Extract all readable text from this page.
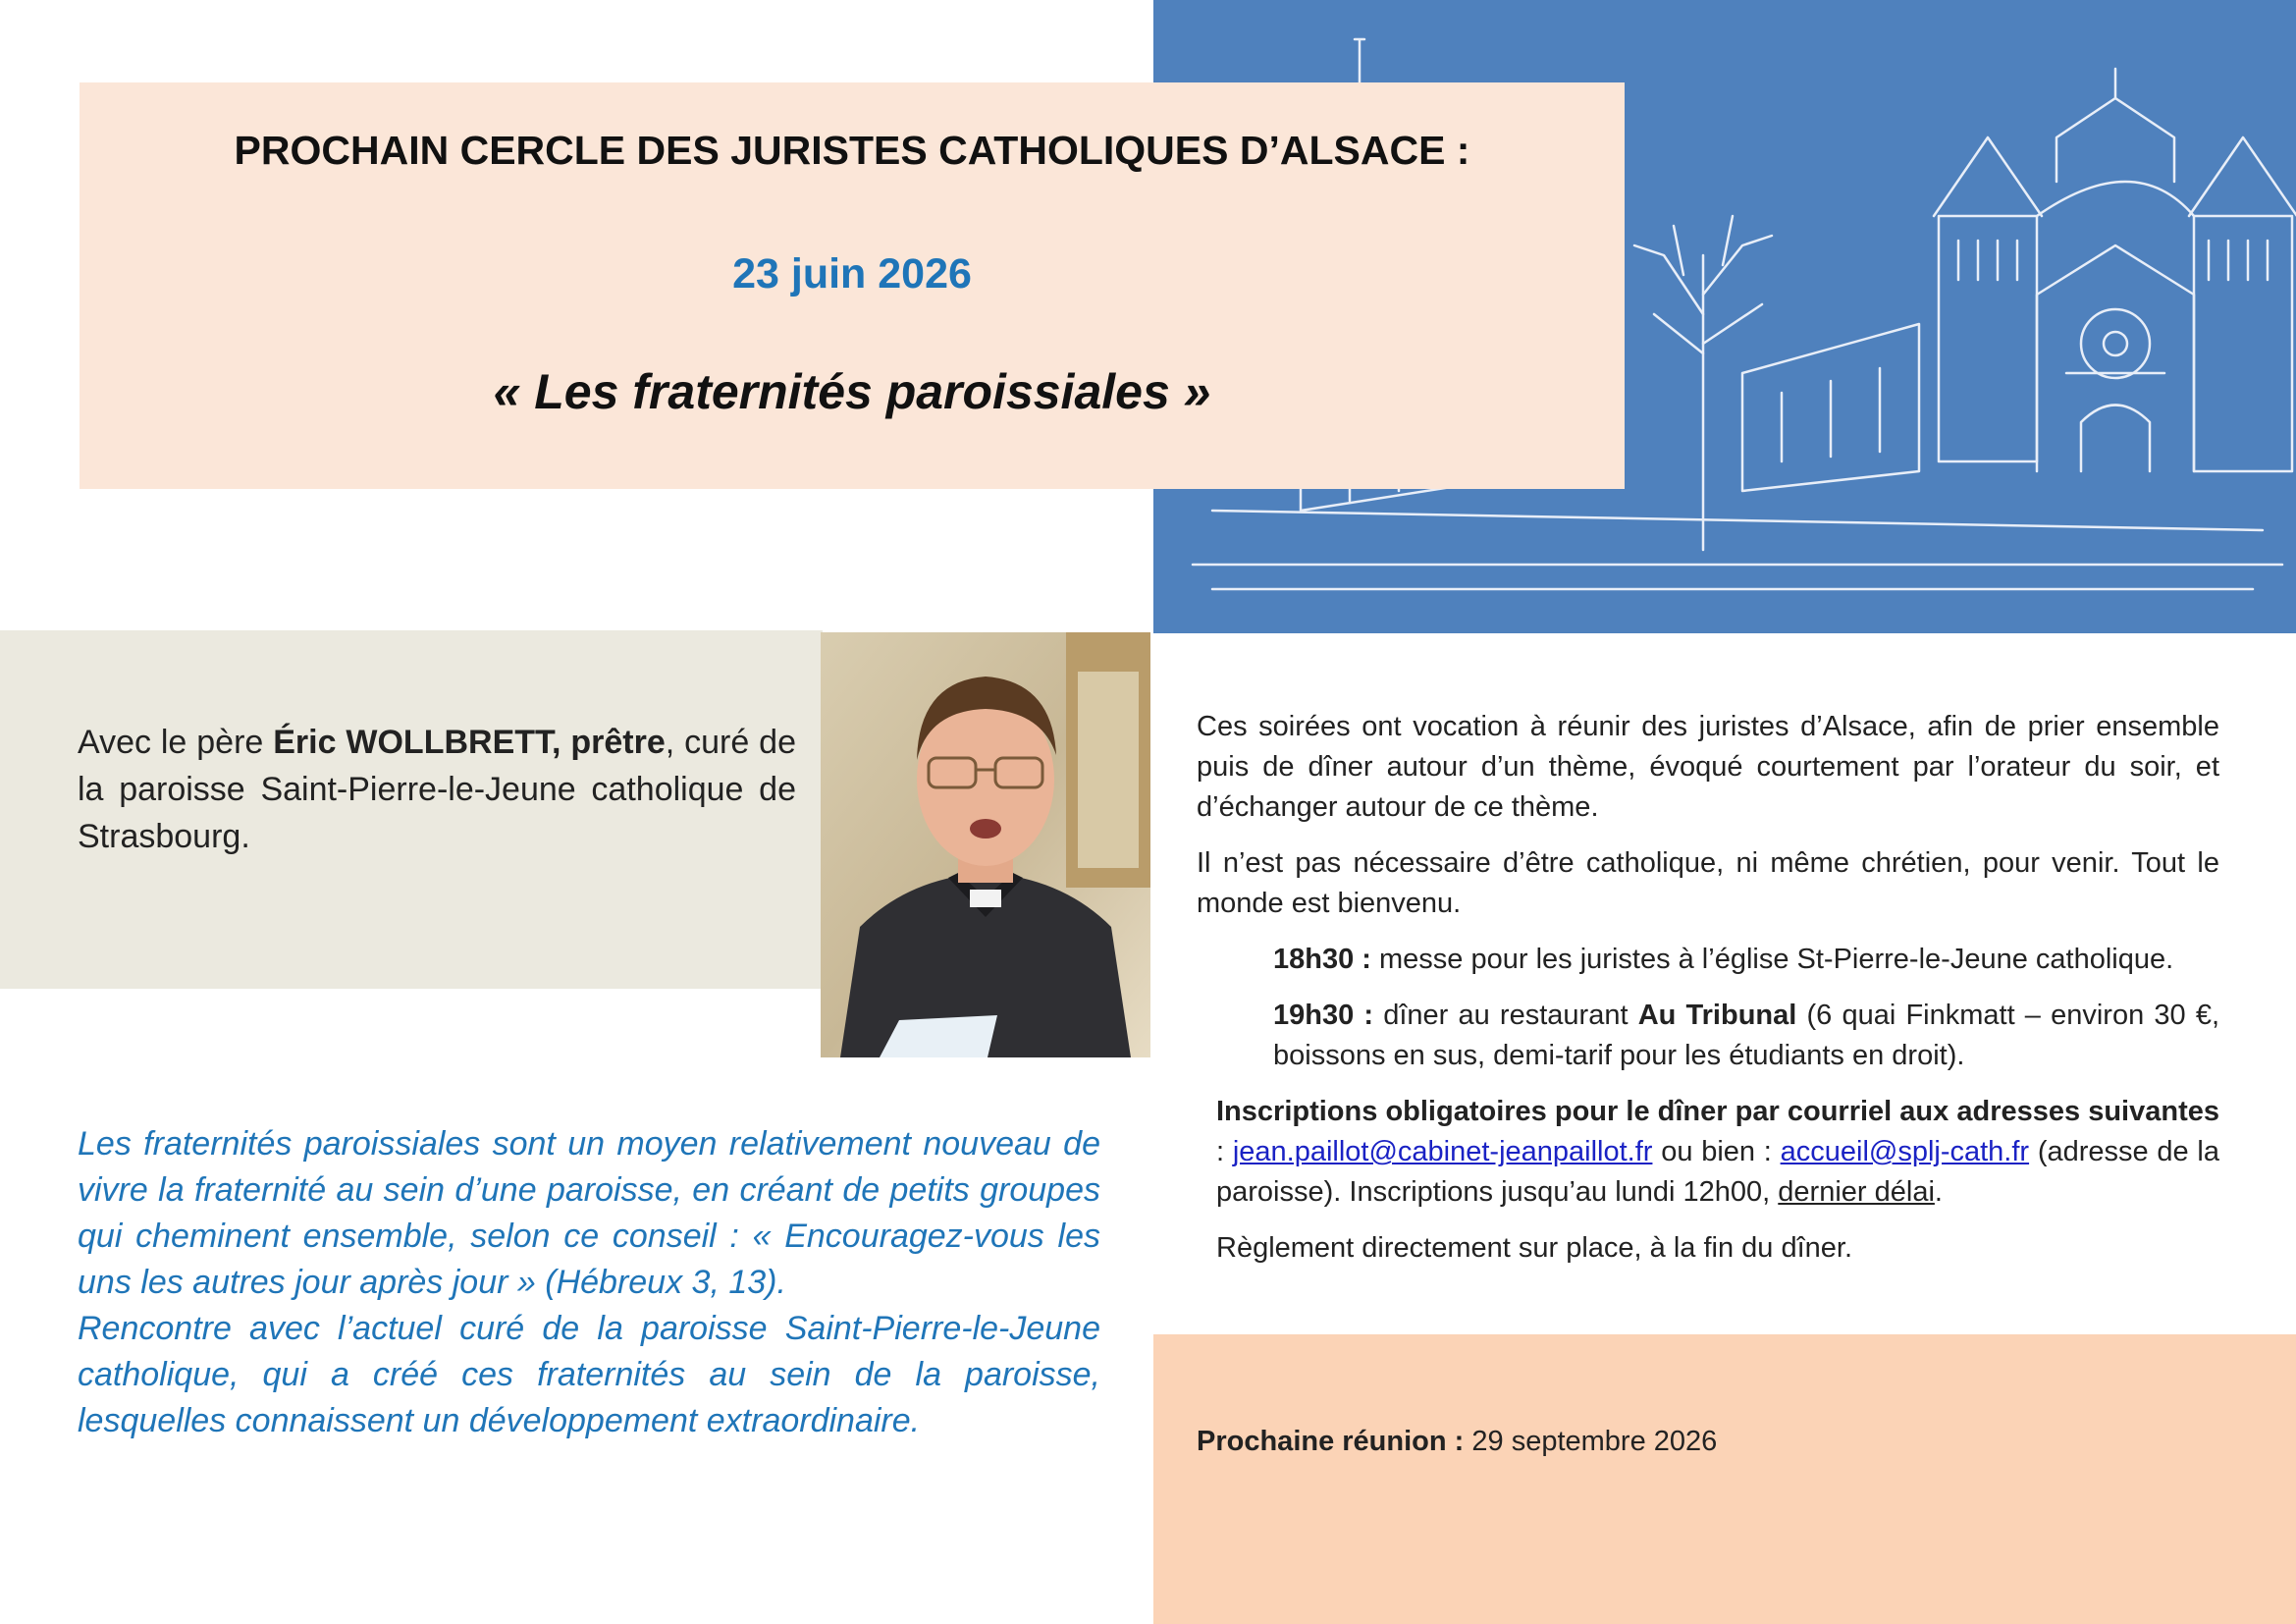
PROCHAIN CERCLE DES JURISTES CATHOLIQUES D’ALSACE :
23 juin 2026
« Les fraternités paroissiales »
Avec le père Éric WOLLBRETT, prêtre, curé de la paroisse Saint-Pierre-le-Jeune catholique de Strasbourg.

Les fraternités paroissiales sont un moyen relativement nouveau de vivre la fraternité au sein d’une paroisse, en créant de petits groupes qui cheminent ensemble, selon ce conseil : « Encouragez-vous les uns les autres jour après jour » (Hébreux 3, 13).

Rencontre avec l’actuel curé de la paroisse Saint-Pierre-le-Jeune catholique, qui a créé ces fraternités au sein de la paroisse, lesquelles connaissent un développement extraordinaire.

Ces soirées ont vocation à réunir des juristes d’Alsace, afin de prier ensemble puis de dîner autour d’un thème, évoqué courtement par l’orateur du soir, et d’échanger autour de ce thème.

Il n’est pas nécessaire d’être catholique, ni même chrétien, pour venir. Tout le monde est bienvenu.

18h30 : messe pour les juristes à l’église St-Pierre-le-Jeune catholique.

19h30 : dîner au restaurant Au Tribunal (6 quai Finkmatt – environ 30 €, boissons en sus, demi-tarif pour les étudiants en droit).

Inscriptions obligatoires pour le dîner par courriel aux adresses suivantes : jean.paillot@cabinet-jeanpaillot.fr ou bien : accueil@splj-cath.fr (adresse de la paroisse). Inscriptions jusqu’au lundi 12h00, dernier délai.

Règlement directement sur place, à la fin du dîner.

Prochaine réunion : 29 septembre 2026
